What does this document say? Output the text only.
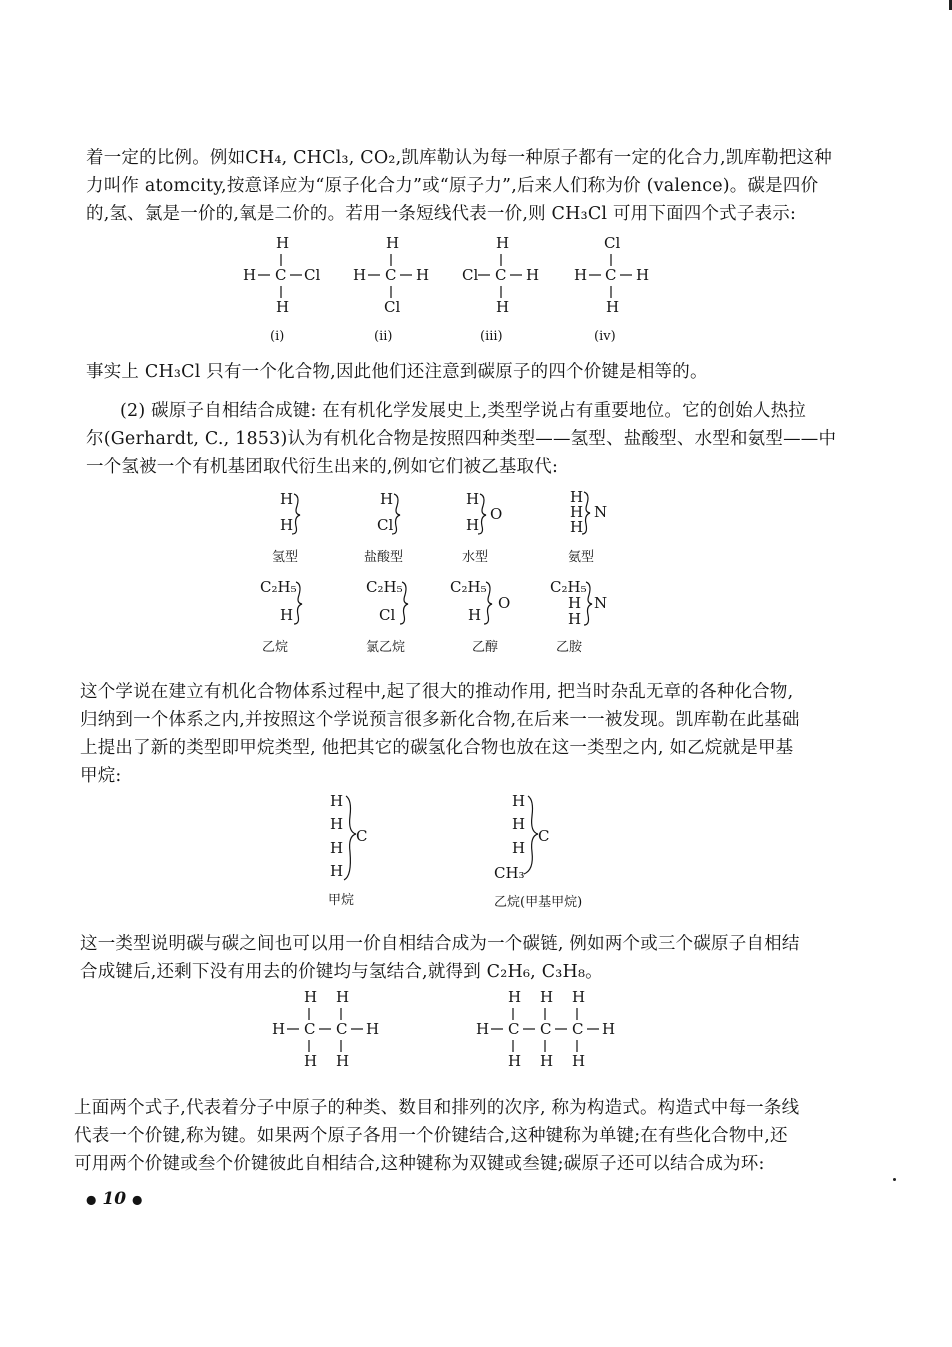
着一定的比例。例如CH₄, CHCl₃, CO₂,凯库勒认为每一种原子都有一定的化合力,凯库勒把这种
力叫作 atomcity,按意译应为“原子化合力”或“原子力”,后来人们称为价 (valence)。碳是四价
的,氢、氯是一价的,氧是二价的。若用一条短线代表一价,则 CH₃Cl 可用下面四个式子表示:
H
H C Cl
H
(i)
H
H C H
Cl
(ii)
H
Cl C H
H
(iii)
Cl
H C H
H
(iv)
事实上 CH₃Cl 只有一个化合物,因此他们还注意到碳原子的四个价键是相等的。
(2) 碳原子自相结合成键: 在有机化学发展史上,类型学说占有重要地位。它的创始人热拉
尔(Gerhardt, C., 1853)认为有机化合物是按照四种类型——氢型、盐酸型、水型和氨型——中
一个氢被一个有机基团取代衍生出来的,例如它们被乙基取代:
H
H
氢型
H
Cl
盐酸型
H
H
O
水型
H
H
H
N
氨型
C₂H₅
H
乙烷
C₂H₅
Cl
氯乙烷
C₂H₅
H
O
乙醇
C₂H₅
H
H
N
乙胺
这个学说在建立有机化合物体系过程中,起了很大的推动作用, 把当时杂乱无章的各种化合物,
归纳到一个体系之内,并按照这个学说预言很多新化合物,在后来一一被发现。凯库勒在此基础
上提出了新的类型即甲烷类型, 他把其它的碳氢化合物也放在这一类型之内, 如乙烷就是甲基
甲烷:
H
H
H
H
C
甲烷
H
H
H
CH₃
C
乙烷(甲基甲烷)
这一类型说明碳与碳之间也可以用一价自相结合成为一个碳链, 例如两个或三个碳原子自相结
合成键后,还剩下没有用去的价键均与氢结合,就得到 C₂H₆, C₃H₈。
H H
H C C H
H H
H H H
H C C C H
H H H
上面两个式子,代表着分子中原子的种类、数目和排列的次序, 称为构造式。构造式中每一条线
代表一个价键,称为键。如果两个原子各用一个价键结合,这种键称为单键;在有些化合物中,还
可用两个价键或叁个价键彼此自相结合,这种键称为双键或叁键;碳原子还可以结合成为环:
● 10 ●
